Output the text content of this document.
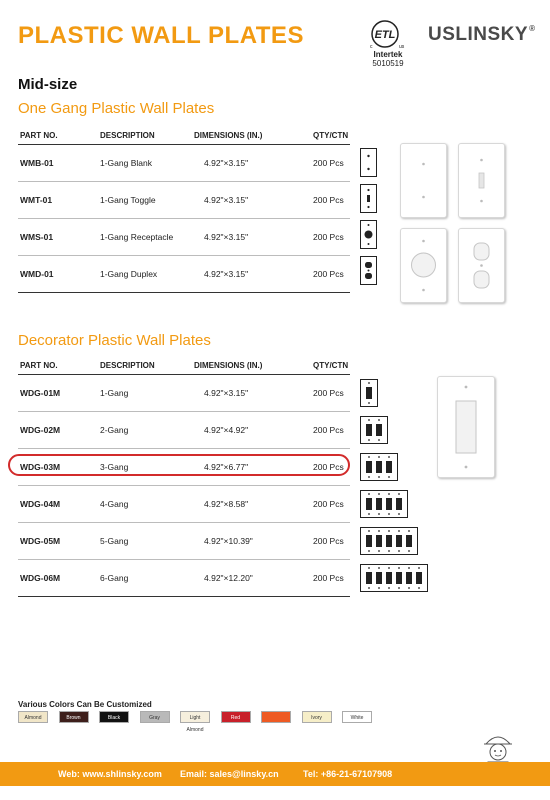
PLASTIC WALL PLATES	ETL
c	us
Intertek
5010519
USLINSKY®
Mid-size
One Gang Plastic Wall Plates
PART NO.	DESCRIPTION	DIMENSIONS (IN.)	QTY/CTN
WMB-01	1-Gang Blank	4.92"×3.15"	200 Pcs
WMT-01	1-Gang Toggle	4.92"×3.15"	200 Pcs
WMS-01	1-Gang Receptacle	4.92"×3.15"	200 Pcs
WMD-01	1-Gang Duplex	4.92"×3.15"	200 Pcs
Decorator Plastic Wall Plates
PART NO.	DESCRIPTION	DIMENSIONS (IN.)	QTY/CTN
WDG-01M	1-Gang	4.92"×3.15"	200 Pcs
WDG-02M	2-Gang	4.92"×4.92"	200 Pcs
WDG-03M	3-Gang	4.92"×6.77"	200 Pcs
WDG-04M	4-Gang	4.92"×8.58"	200 Pcs
WDG-05M	5-Gang	4.92"×10.39"	200 Pcs
WDG-06M	6-Gang	4.92"×12.20"	200 Pcs
Various Colors Can Be Customized
Almond	Brown	Black	Gray	Light Almond
Red	Ivory	White
Web: www.shlinsky.com Email: sales@linsky.cn	Tel: +86-21-67107908
